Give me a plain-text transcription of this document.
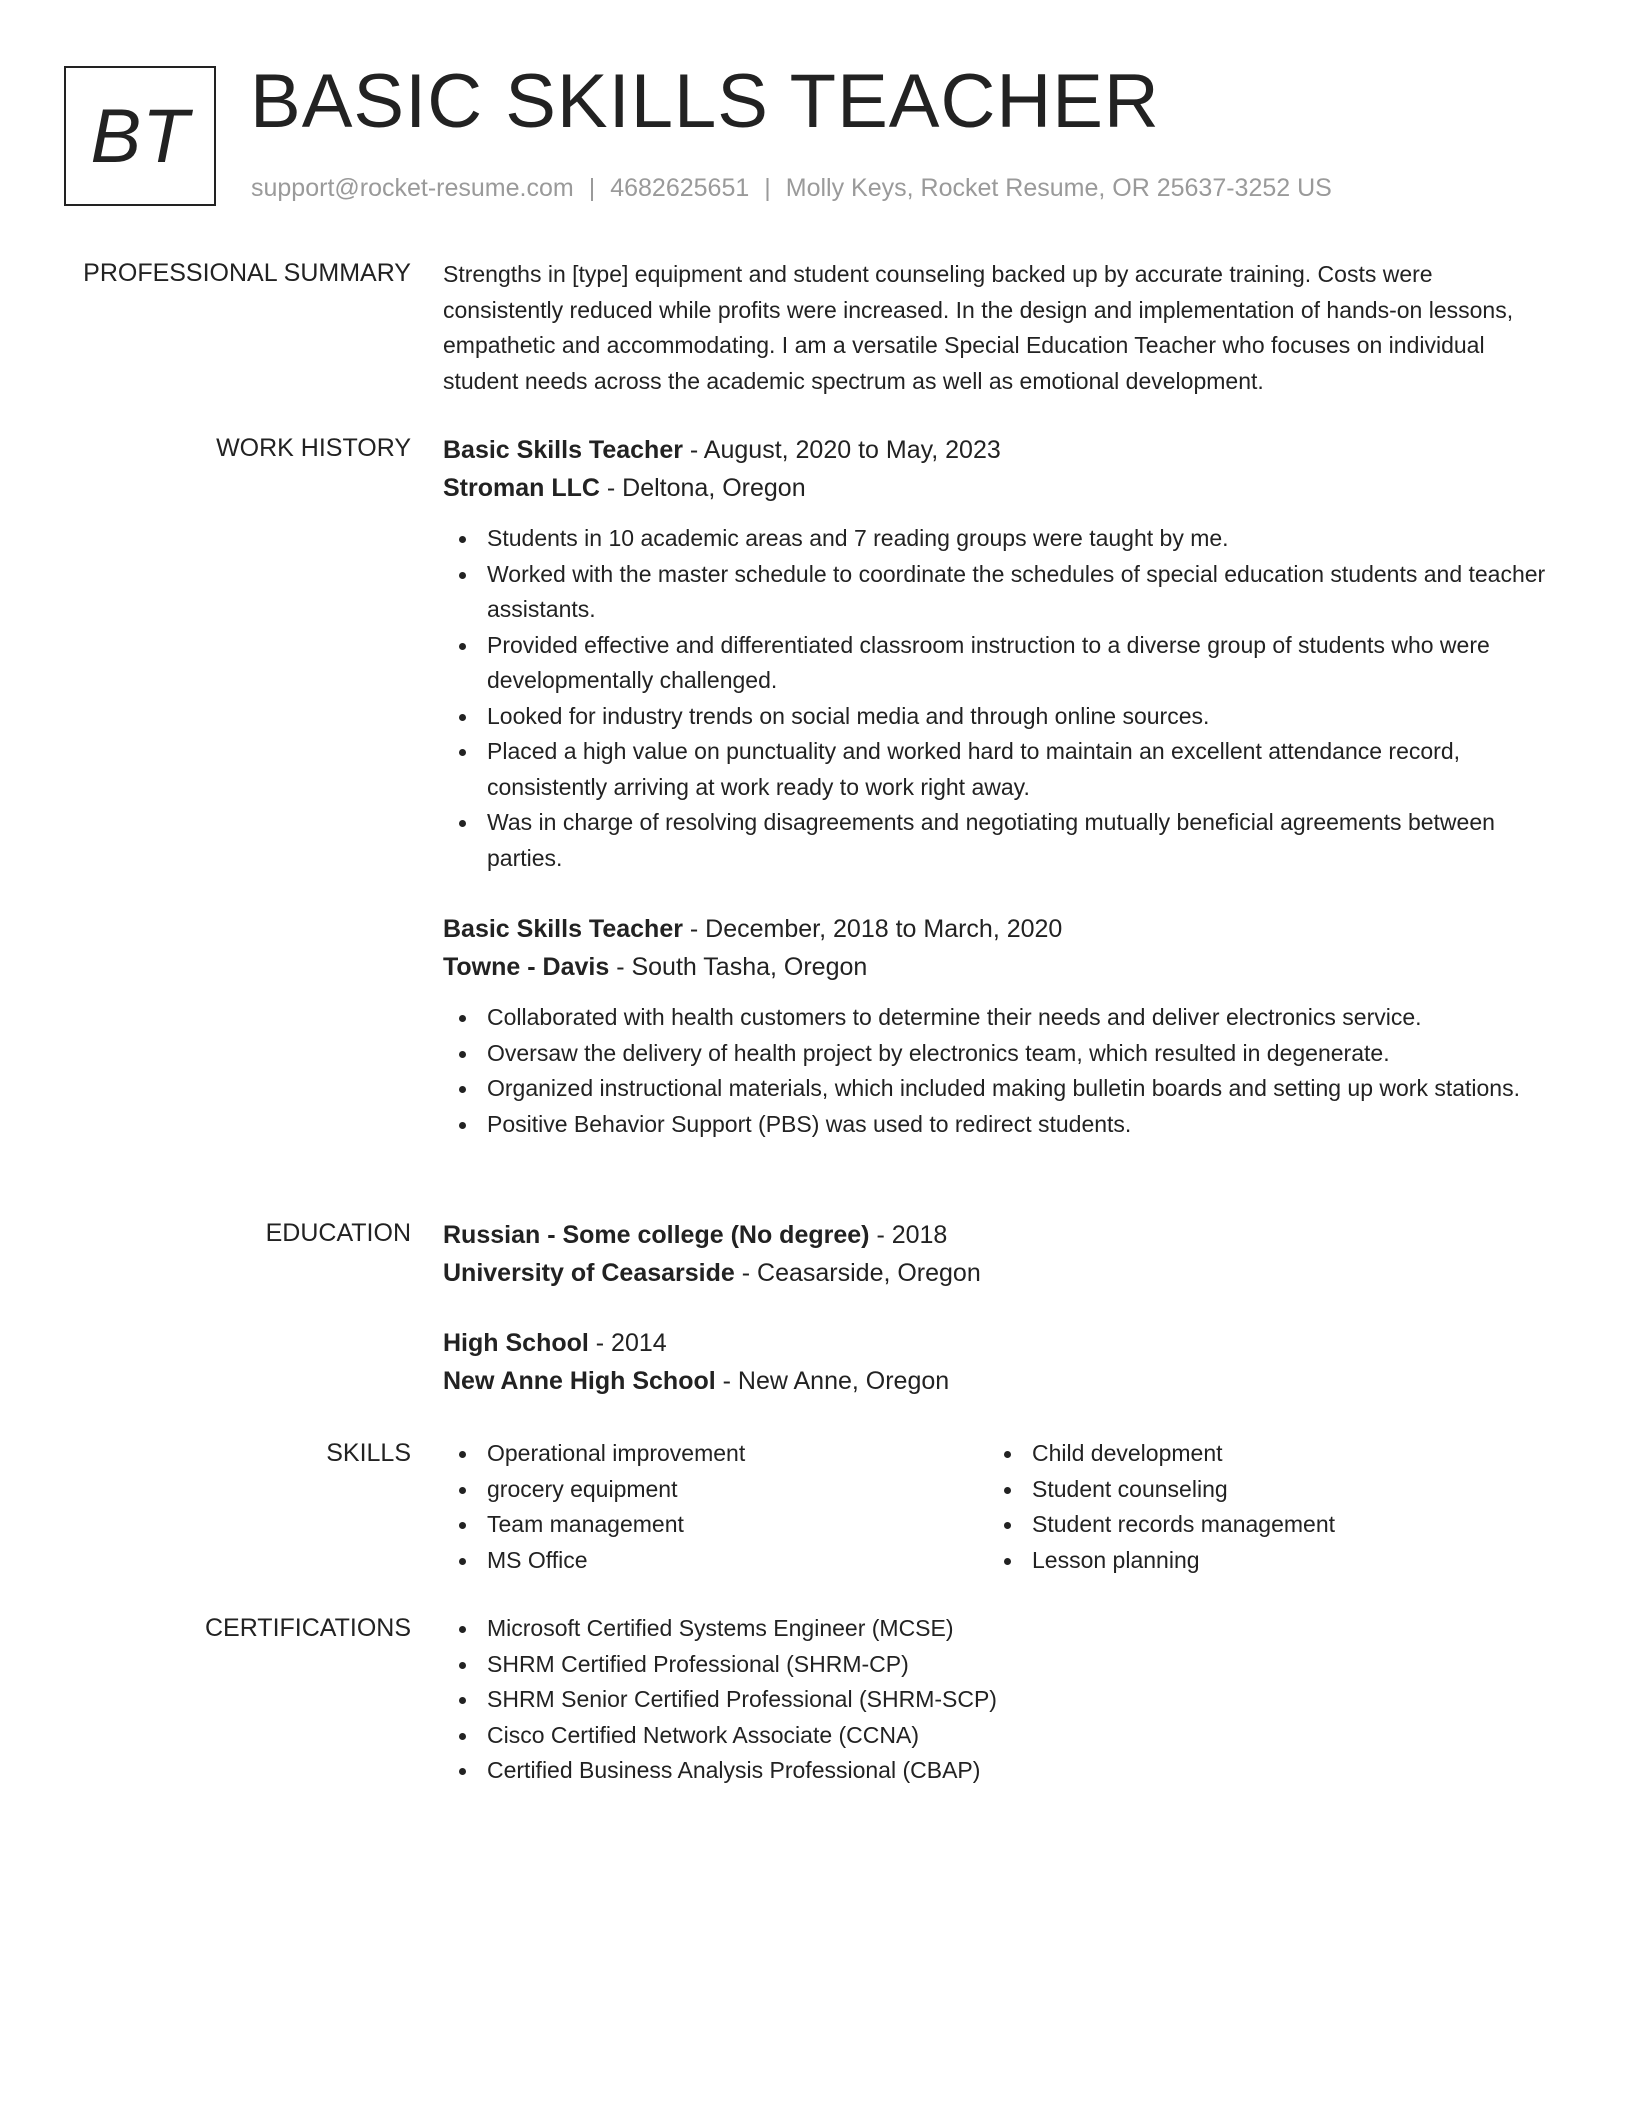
BT BASIC SKILLS TEACHER
support@rocket-resume.com | 4682625651 | Molly Keys, Rocket Resume, OR 25637-3252 US
PROFESSIONAL SUMMARY Strengths in [type] equipment and student counseling backed up by accurate training. Costs were consistently reduced while profits were increased. In the design and implementation of hands-on lessons, empathetic and accommodating. I am a versatile Special Education Teacher who focuses on individual student needs across the academic spectrum as well as emotional development.

WORK HISTORY Basic Skills Teacher - August, 2020 to May, 2023
Stroman LLC - Deltona, Oregon
Students in 10 academic areas and 7 reading groups were taught by me.
Worked with the master schedule to coordinate the schedules of special education students and teacher assistants.
Provided effective and differentiated classroom instruction to a diverse group of students who were developmentally challenged.
Looked for industry trends on social media and through online sources.
Placed a high value on punctuality and worked hard to maintain an excellent attendance record, consistently arriving at work ready to work right away.
Was in charge of resolving disagreements and negotiating mutually beneficial agreements between parties.
Basic Skills Teacher - December, 2018 to March, 2020
Towne - Davis - South Tasha, Oregon
Collaborated with health customers to determine their needs and deliver electronics service.
Oversaw the delivery of health project by electronics team, which resulted in degenerate.
Organized instructional materials, which included making bulletin boards and setting up work stations.
Positive Behavior Support (PBS) was used to redirect students.
EDUCATION Russian - Some college (No degree) - 2018
University of Ceasarside - Ceasarside, Oregon
High School - 2014
New Anne High School - New Anne, Oregon
SKILLS	Operational improvement
grocery equipment
Team management
MS Office
Child development
Student counseling
Student records management
Lesson planning
CERTIFICATIONS	Microsoft Certified Systems Engineer (MCSE)
SHRM Certified Professional (SHRM-CP)
SHRM Senior Certified Professional (SHRM-SCP)
Cisco Certified Network Associate (CCNA)
Certified Business Analysis Professional (CBAP)
